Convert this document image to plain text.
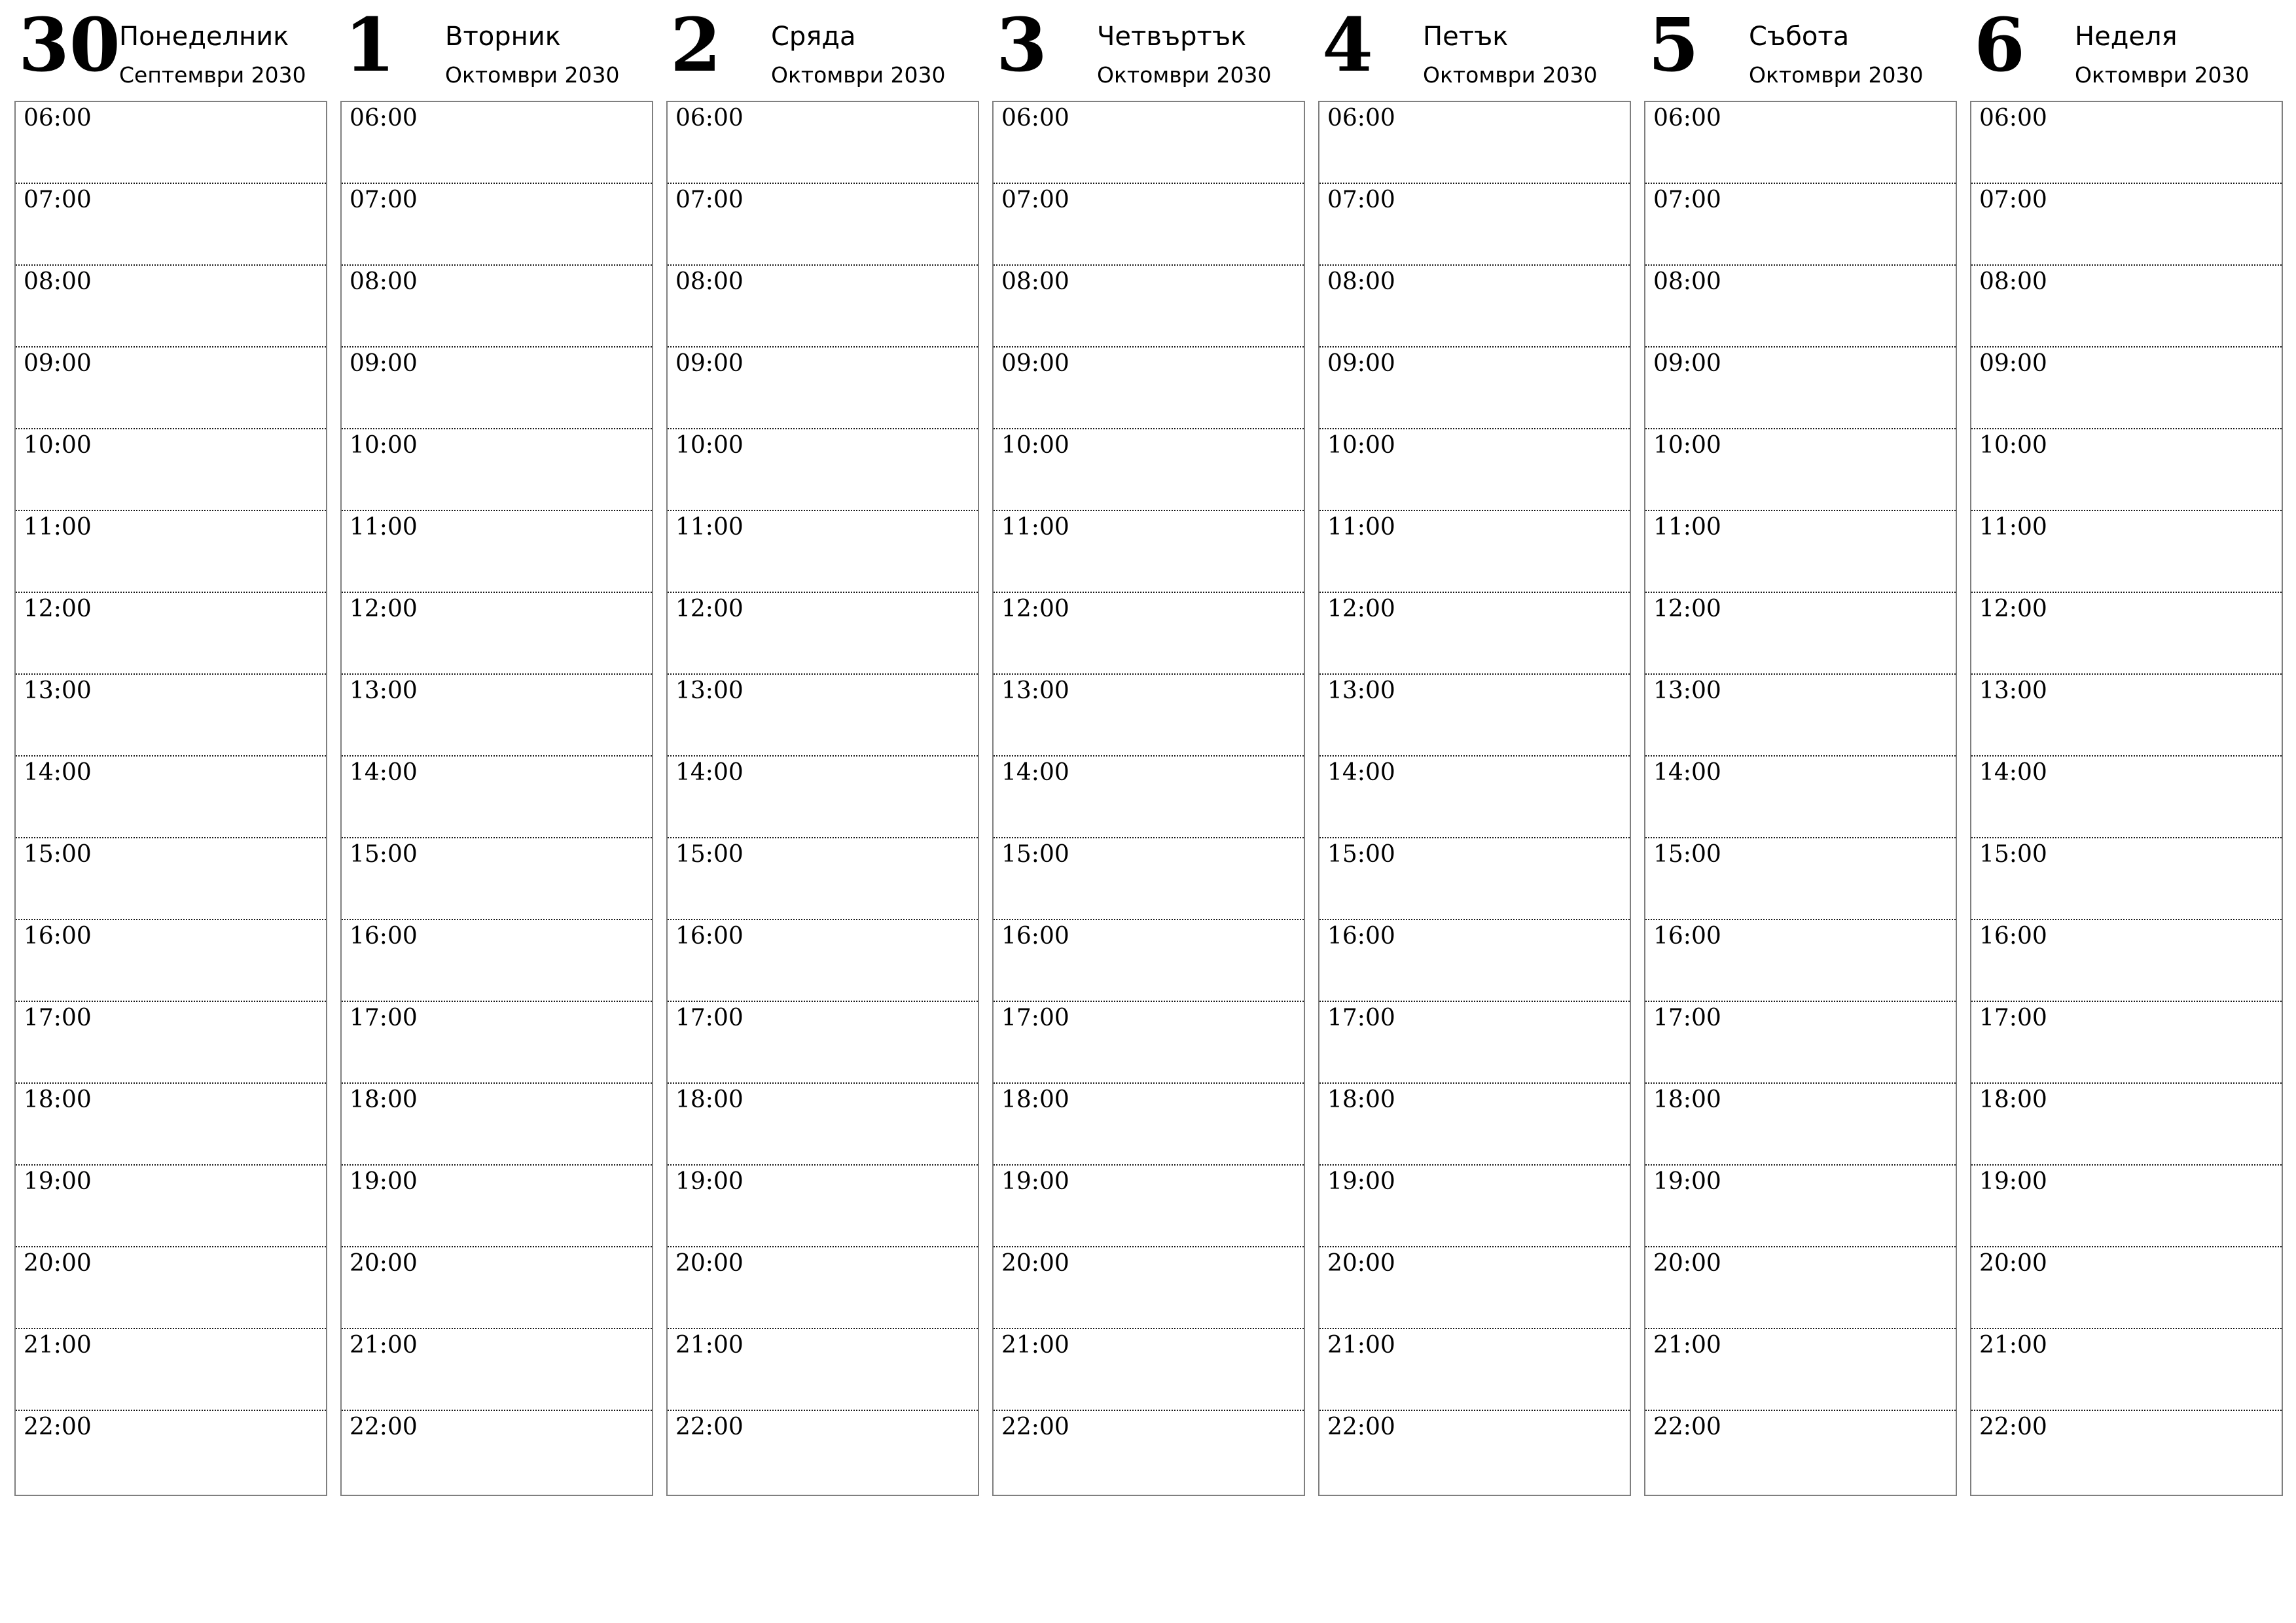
30
Понеделник
Септември 2030
06:00
07:00
08:00
09:00
10:00
11:00
12:00
13:00
14:00
15:00
16:00
17:00
18:00
19:00
20:00
21:00
22:00
1 Вторник
Октомври 2030
06:00
07:00
08:00
09:00
10:00
11:00
12:00
13:00
14:00
15:00
16:00
17:00
18:00
19:00
20:00
21:00
22:00
2 Сряда
Октомври 2030
06:00
07:00
08:00
09:00
10:00
11:00
12:00
13:00
14:00
15:00
16:00
17:00
18:00
19:00
20:00
21:00
22:00
3 Четвъртък
Октомври 2030
06:00
07:00
08:00
09:00
10:00
11:00
12:00
13:00
14:00
15:00
16:00
17:00
18:00
19:00
20:00
21:00
22:00
4 Петък
Октомври 2030
06:00
07:00
08:00
09:00
10:00
11:00
12:00
13:00
14:00
15:00
16:00
17:00
18:00
19:00
20:00
21:00
22:00
5 Събота
Октомври 2030
06:00
07:00
08:00
09:00
10:00
11:00
12:00
13:00
14:00
15:00
16:00
17:00
18:00
19:00
20:00
21:00
22:00
6 Неделя
Октомври 2030
06:00
07:00
08:00
09:00
10:00
11:00
12:00
13:00
14:00
15:00
16:00
17:00
18:00
19:00
20:00
21:00
22:00
